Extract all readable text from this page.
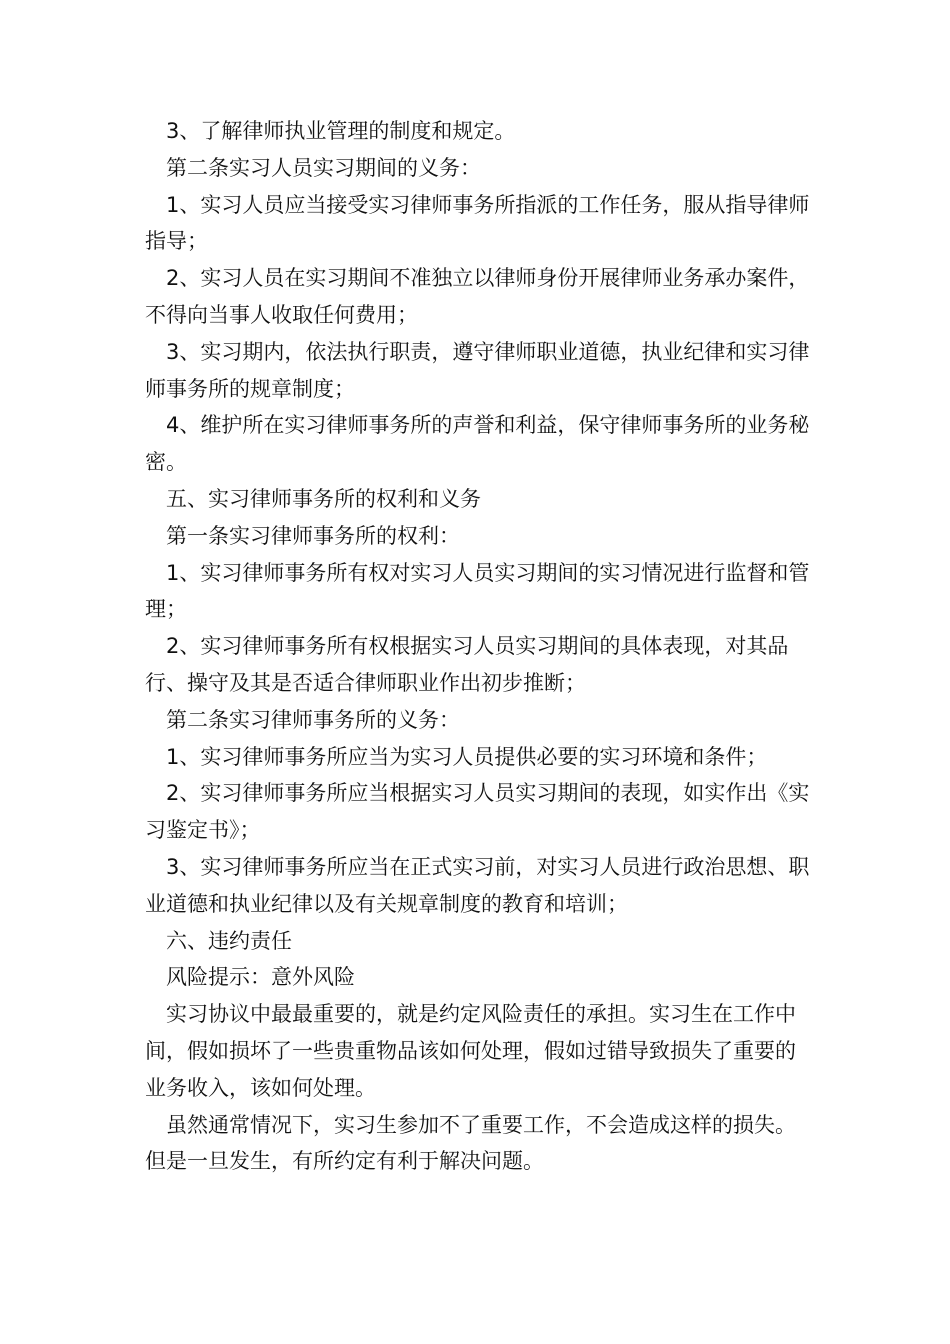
3、了解律师执业管理的制度和规定。

第二条实习人员实习期间的义务：

1、实习人员应当接受实习律师事务所指派的工作任务，服从指导律师指导；

2、实习人员在实习期间不准独立以律师身份开展律师业务承办案件，不得向当事人收取任何费用；

3、实习期内，依法执行职责，遵守律师职业道德，执业纪律和实习律师事务所的规章制度；

4、维护所在实习律师事务所的声誉和利益，保守律师事务所的业务秘密。

五、实习律师事务所的权利和义务

第一条实习律师事务所的权利：

1、实习律师事务所有权对实习人员实习期间的实习情况进行监督和管理；

2、实习律师事务所有权根据实习人员实习期间的具体表现，对其品行、操守及其是否适合律师职业作出初步推断；

第二条实习律师事务所的义务：

1、实习律师事务所应当为实习人员提供必要的实习环境和条件；

2、实习律师事务所应当根据实习人员实习期间的表现，如实作出《实习鉴定书》；

3、实习律师事务所应当在正式实习前，对实习人员进行政治思想、职业道德和执业纪律以及有关规章制度的教育和培训；

六、违约责任

风险提示：意外风险

实习协议中最最重要的，就是约定风险责任的承担。实习生在工作中间，假如损坏了一些贵重物品该如何处理，假如过错导致损失了重要的业务收入，该如何处理。

虽然通常情况下，实习生参加不了重要工作，不会造成这样的损失。但是一旦发生，有所约定有利于解决问题。
